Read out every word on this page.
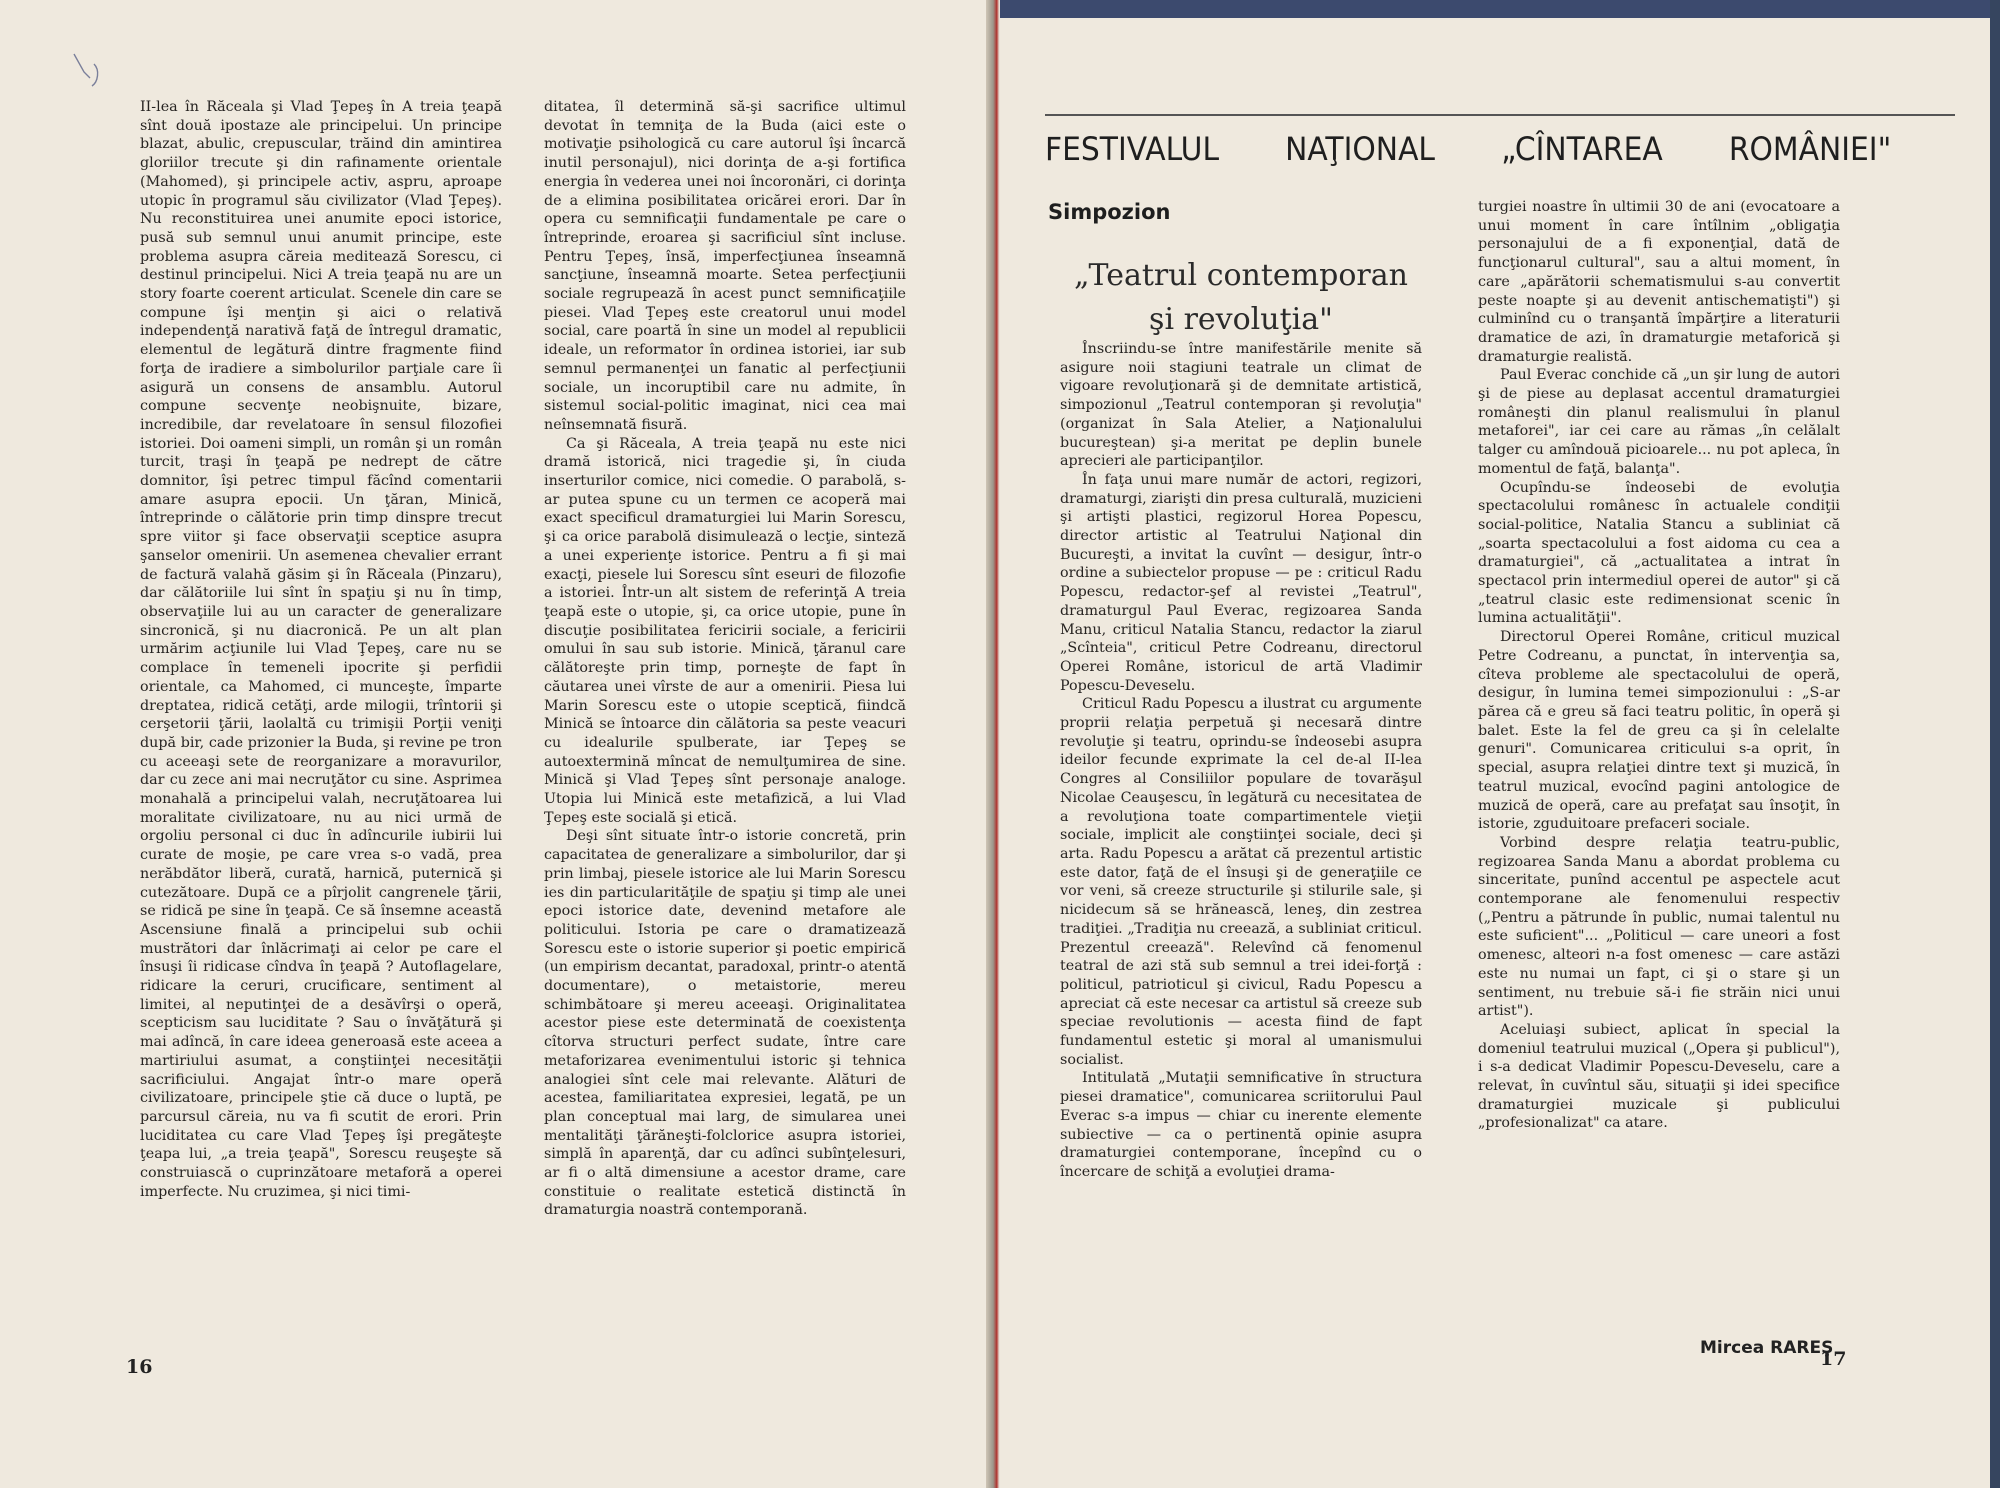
II-lea în Răceala şi Vlad Ţepeş în A treia ţeapă sînt două ipostaze ale principelui. Un principe blazat, abulic, crepuscular, trăind din amintirea gloriilor trecute şi din rafinamente orientale (Mahomed), şi principele activ, aspru, aproape utopic în programul său civilizator (Vlad Ţepeş). Nu reconstituirea unei anumite epoci istorice, pusă sub semnul unui anumit principe, este problema asupra căreia meditează Sorescu, ci destinul principelui. Nici A treia ţeapă nu are un story foarte coerent articulat. Scenele din care se compune îşi menţin şi aici o relativă independenţă narativă faţă de întregul dramatic, elementul de legătură dintre fragmente fiind forţa de iradiere a simbolurilor parţiale care îi asigură un consens de ansamblu. Autorul compune secvenţe neobişnuite, bizare, incredibile, dar revelatoare în sensul filozofiei istoriei. Doi oameni simpli, un român şi un român turcit, traşi în ţeapă pe nedrept de către domnitor, îşi petrec timpul făcînd comentarii amare asupra epocii. Un ţăran, Minică, întreprinde o călătorie prin timp dinspre trecut spre viitor şi face observaţii sceptice asupra şanselor omenirii. Un asemenea chevalier errant de factură valahă găsim şi în Răceala (Pinzaru), dar călătoriile lui sînt în spaţiu şi nu în timp, observaţiile lui au un caracter de generalizare sincronică, şi nu diacronică. Pe un alt plan urmărim acţiunile lui Vlad Ţepeş, care nu se complace în temeneli ipocrite şi perfidii orientale, ca Mahomed, ci munceşte, împarte dreptatea, ridică cetăţi, arde milogii, trîntorii şi cerşetorii ţării, laolaltă cu trimişii Porţii veniţi după bir, cade prizonier la Buda, şi revine pe tron cu aceeaşi sete de reorganizare a moravurilor, dar cu zece ani mai necruţător cu sine. Asprimea monahală a principelui valah, necruţătoarea lui moralitate civilizatoare, nu au nici urmă de orgoliu personal ci duc în adîncurile iubirii lui curate de moşie, pe care vrea s-o vadă, prea nerăbdător liberă, curată, harnică, puternică şi cutezătoare. După ce a pîrjolit cangrenele ţării, se ridică pe sine în ţeapă. Ce să însemne această Ascensiune finală a principelui sub ochii mustrători dar înlăcrimaţi ai celor pe care el însuşi îi ridicase cîndva în ţeapă ? Autoflagelare, ridicare la ceruri, crucificare, sentiment al limitei, al neputinţei de a desăvîrşi o operă, scepticism sau luciditate ? Sau o învăţătură şi mai adîncă, în care ideea generoasă este aceea a martiriului asumat, a conştiinţei necesităţii sacrificiului. Angajat într-o mare operă civilizatoare, principele ştie că duce o luptă, pe parcursul căreia, nu va fi scutit de erori. Prin luciditatea cu care Vlad Ţepeş îşi pregăteşte ţeapa lui, „a treia ţeapă", Sorescu reuşeşte să construiască o cuprinzătoare metaforă a operei imperfecte. Nu cruzimea, şi nici timi-

ditatea, îl determină să-şi sacrifice ultimul devotat în temniţa de la Buda (aici este o motivaţie psihologică cu care autorul îşi încarcă inutil personajul), nici dorinţa de a-şi fortifica energia în vederea unei noi încoronări, ci dorinţa de a elimina posibilitatea oricărei erori. Dar în opera cu semnificaţii fundamentale pe care o întreprinde, eroarea şi sacrificiul sînt incluse. Pentru Ţepeş, însă, imperfecţiunea înseamnă sancţiune, înseamnă moarte. Setea perfecţiunii sociale regrupează în acest punct semnificaţiile piesei. Vlad Ţepeş este creatorul unui model social, care poartă în sine un model al republicii ideale, un reformator în ordinea istoriei, iar sub semnul permanenţei un fanatic al perfecţiunii sociale, un incoruptibil care nu admite, în sistemul social-politic imaginat, nici cea mai neînsemnată fisură.

Ca şi Răceala, A treia ţeapă nu este nici dramă istorică, nici tragedie şi, în ciuda inserturilor comice, nici comedie. O parabolă, s-ar putea spune cu un termen ce acoperă mai exact specificul dramaturgiei lui Marin Sorescu, şi ca orice parabolă disimulează o lecţie, sinteză a unei experienţe istorice. Pentru a fi şi mai exacţi, piesele lui Sorescu sînt eseuri de filozofie a istoriei. Într-un alt sistem de referinţă A treia ţeapă este o utopie, şi, ca orice utopie, pune în discuţie posibilitatea fericirii sociale, a fericirii omului în sau sub istorie. Minică, ţăranul care călătoreşte prin timp, porneşte de fapt în căutarea unei vîrste de aur a omenirii. Piesa lui Marin Sorescu este o utopie sceptică, fiindcă Minică se întoarce din călătoria sa peste veacuri cu idealurile spulberate, iar Ţepeş se autoextermină mîncat de nemulţumirea de sine. Minică şi Vlad Ţepeş sînt personaje analoge. Utopia lui Minică este metafizică, a lui Vlad Ţepeş este socială şi etică.

Deşi sînt situate într-o istorie concretă, prin capacitatea de generalizare a simbolurilor, dar şi prin limbaj, piesele istorice ale lui Marin Sorescu ies din particularităţile de spaţiu şi timp ale unei epoci istorice date, devenind metafore ale politicului. Istoria pe care o dramatizează Sorescu este o istorie superior şi poetic empirică (un empirism decantat, paradoxal, printr-o atentă documentare), o metaistorie, mereu schimbătoare şi mereu aceeaşi. Originalitatea acestor piese este determinată de coexistenţa cîtorva structuri perfect sudate, între care metaforizarea evenimentului istoric şi tehnica analogiei sînt cele mai relevante. Alături de acestea, familiaritatea expresiei, legată, pe un plan conceptual mai larg, de simularea unei mentalităţi ţărăneşti-folclorice asupra istoriei, simplă în aparenţă, dar cu adînci subînţelesuri, ar fi o altă dimensiune a acestor drame, care constituie o realitate estetică distinctă în dramaturgia noastră contemporană.

16
FESTIVALUL NAŢIONAL „CÎNTAREA ROMÂNIEI"
Simpozion
„Teatrul contemporan
şi revoluţia"

Înscriindu-se între manifestările menite să asigure noii stagiuni teatrale un climat de vigoare revoluţionară şi de demnitate artistică, simpozionul „Teatrul contemporan şi revoluţia" (organizat în Sala Atelier, a Naţionalului bucureştean) şi-a meritat pe deplin bunele aprecieri ale participanţilor.

În faţa unui mare număr de actori, regizori, dramaturgi, ziarişti din presa culturală, muzicieni şi artişti plastici, regizorul Horea Popescu, director artistic al Teatrului Naţional din Bucureşti, a invitat la cuvînt — desigur, într-o ordine a subiectelor propuse — pe : criticul Radu Popescu, redactor-şef al revistei „Teatrul", dramaturgul Paul Everac, regizoarea Sanda Manu, criticul Natalia Stancu, redactor la ziarul „Scînteia", criticul Petre Codreanu, directorul Operei Române, istoricul de artă Vladimir Popescu-Deveselu.

Criticul Radu Popescu a ilustrat cu argumente proprii relaţia perpetuă şi necesară dintre revoluţie şi teatru, oprindu-se îndeosebi asupra ideilor fecunde exprimate la cel de-al II-lea Congres al Consiliilor populare de tovarăşul Nicolae Ceauşescu, în legătură cu necesitatea de a revoluţiona toate compartimentele vieţii sociale, implicit ale conştiinţei sociale, deci şi arta. Radu Popescu a arătat că prezentul artistic este dator, faţă de el însuşi şi de generaţiile ce vor veni, să creeze structurile şi stilurile sale, şi nicidecum să se hrănească, leneş, din zestrea tradiţiei. „Tradiţia nu creează, a subliniat criticul. Prezentul creează". Relevînd că fenomenul teatral de azi stă sub semnul a trei idei-forţă : politicul, patrioticul şi civicul, Radu Popescu a apreciat că este necesar ca artistul să creeze sub speciae revolutionis — acesta fiind de fapt fundamentul estetic şi moral al umanismului socialist.

Intitulată „Mutaţii semnificative în structura piesei dramatice", comunicarea scriitorului Paul Everac s-a impus — chiar cu inerente elemente subiective — ca o pertinentă opinie asupra dramaturgiei contemporane, începînd cu o încercare de schiţă a evoluţiei drama-

turgiei noastre în ultimii 30 de ani (evocatoare a unui moment în care întîlnim „obligaţia personajului de a fi exponenţial, dată de funcţionarul cultural", sau a altui moment, în care „apărătorii schematismului s-au convertit peste noapte şi au devenit antischematişti") şi culminînd cu o tranşantă împărţire a literaturii dramatice de azi, în dramaturgie metaforică şi dramaturgie realistă.

Paul Everac conchide că „un şir lung de autori şi de piese au deplasat accentul dramaturgiei româneşti din planul realismului în planul metaforei", iar cei care au rămas „în celălalt talger cu amîndouă picioarele... nu pot apleca, în momentul de faţă, balanţa".

Ocupîndu-se îndeosebi de evoluţia spectacolului românesc în actualele condiţii social-politice, Natalia Stancu a subliniat că „soarta spectacolului a fost aidoma cu cea a dramaturgiei", că „actualitatea a intrat în spectacol prin intermediul operei de autor" şi că „teatrul clasic este redimensionat scenic în lumina actualităţii".

Directorul Operei Române, criticul muzical Petre Codreanu, a punctat, în intervenţia sa, cîteva probleme ale spectacolului de operă, desigur, în lumina temei simpozionului : „S-ar părea că e greu să faci teatru politic, în operă şi balet. Este la fel de greu ca şi în celelalte genuri". Comunicarea criticului s-a oprit, în special, asupra relaţiei dintre text şi muzică, în teatrul muzical, evocînd pagini antologice de muzică de operă, care au prefaţat sau însoţit, în istorie, zguduitoare prefaceri sociale.

Vorbind despre relaţia teatru-public, regizoarea Sanda Manu a abordat problema cu sinceritate, punînd accentul pe aspectele acut contemporane ale fenomenului respectiv („Pentru a pătrunde în public, numai talentul nu este suficient"... „Politicul — care uneori a fost omenesc, alteori n-a fost omenesc — care astăzi este nu numai un fapt, ci şi o stare şi un sentiment, nu trebuie să-i fie străin nici unui artist").

Aceluiaşi subiect, aplicat în special la domeniul teatrului muzical („Opera şi publicul"), i s-a dedicat Vladimir Popescu-Deveselu, care a relevat, în cuvîntul său, situaţii şi idei specifice dramaturgiei muzicale şi publicului „profesionalizat" ca atare.

Mircea RAREŞ
17
